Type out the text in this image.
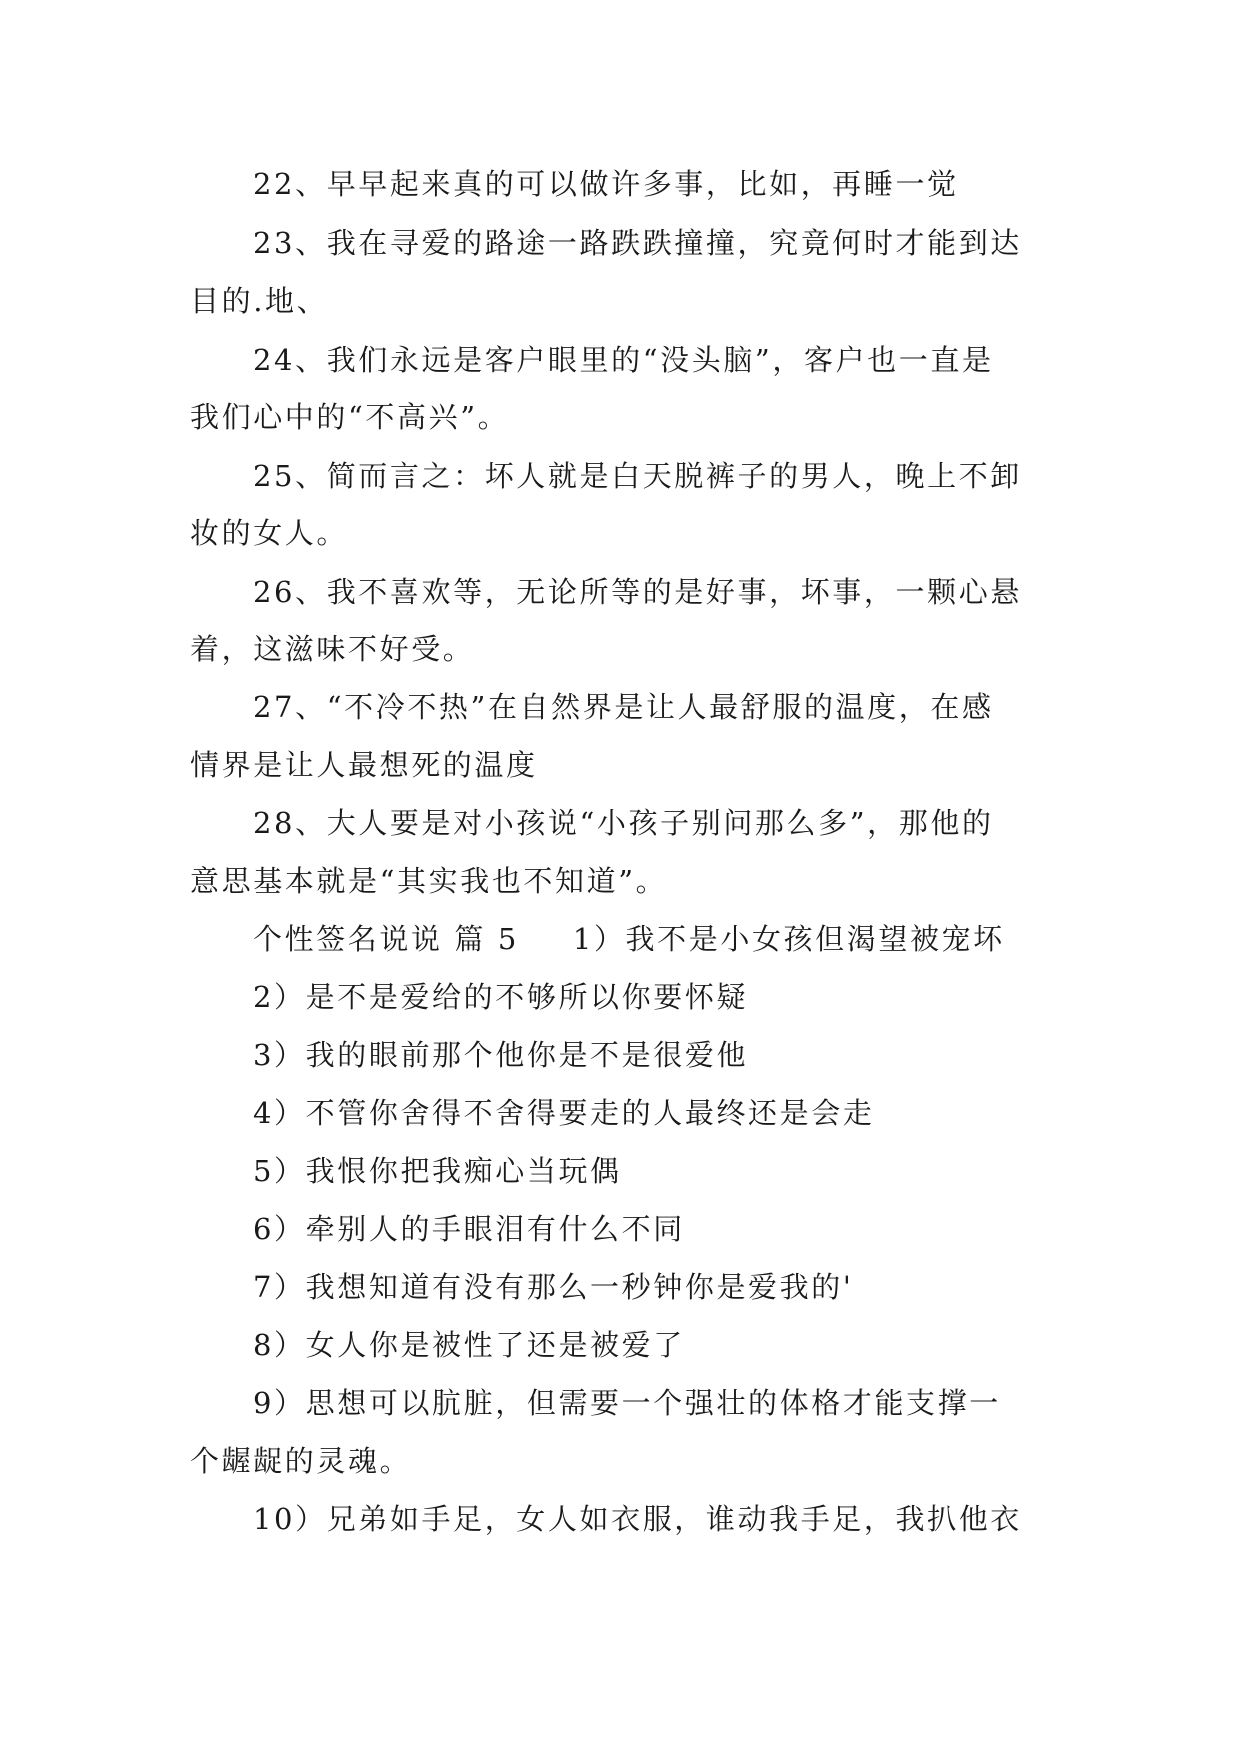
22、早早起来真的可以做许多事，比如，再睡一觉
23、我在寻爱的路途一路跌跌撞撞，究竟何时才能到达
目的.地、
24、我们永远是客户眼里的“没头脑”，客户也一直是
我们心中的“不高兴”。
25、简而言之：坏人就是白天脱裤子的男人，晚上不卸
妆的女人。
26、我不喜欢等，无论所等的是好事，坏事，一颗心悬
着，这滋味不好受。
27、“不冷不热”在自然界是让人最舒服的温度，在感
情界是让人最想死的温度
28、大人要是对小孩说“小孩子别问那么多”，那他的
意思基本就是“其实我也不知道”。
个性签名说说 篇 5 1）我不是小女孩但渴望被宠坏
2）是不是爱给的不够所以你要怀疑
3）我的眼前那个他你是不是很爱他
4）不管你舍得不舍得要走的人最终还是会走
5）我恨你把我痴心当玩偶
6）牵别人的手眼泪有什么不同
7）我想知道有没有那么一秒钟你是爱我的'
8）女人你是被性了还是被爱了
9）思想可以肮脏，但需要一个强壮的体格才能支撑一
个龌龊的灵魂。
10）兄弟如手足，女人如衣服，谁动我手足，我扒他衣
